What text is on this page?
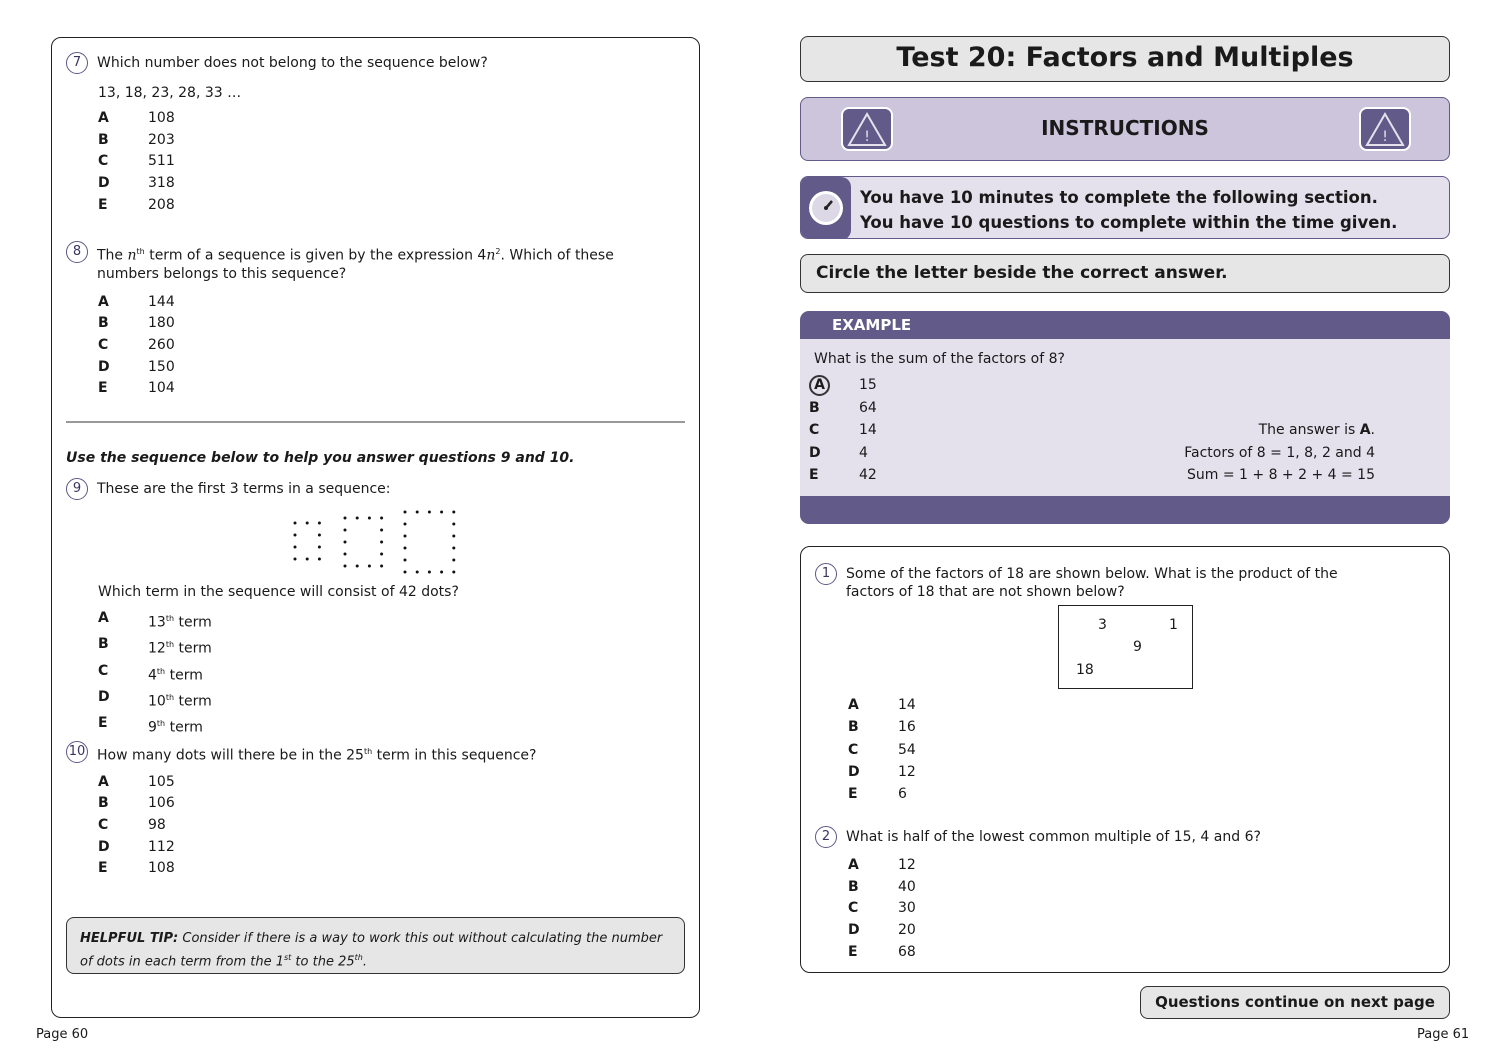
7	Which number does not belong to the sequence below?
13, 18, 23, 28, 33 …
A	108
B	203
C	511
D	318
E	208
8	The $n^{th}$ term of a sequence is given by the expression $4n^2$. Which of these numbers belongs to this sequence?
A	144
B	180
C	260
D	150
E	104
Use the sequence below to help you answer questions 9 and 10.
9	These are the first 3 terms in a sequence:
Which term in the sequence will consist of 42 dots?
A	13th term
B	12th term
C	4th term
D	10th term
E	9th term
10 How many dots will there be in the 25th term in this sequence?
A	105
B	106
C	98
D	112
E	108
HELPFUL TIP: Consider if there is a way to work this out without calculating the number of dots in each term from the 1st to the 25th.
Page 60
Test 20: Factors and Multiples
!	INSTRUCTIONS	!
You have 10 minutes to complete the following section.
You have 10 questions to complete within the time given.
Circle the letter beside the correct answer.
EXAMPLE
What is the sum of the factors of 8?
A	15
B	64
C	14
D	4
E	42
The answer is A.
Factors of 8 = 1, 8, 2 and 4
Sum = 1 + 8 + 2 + 4 = 15
1	Some of the factors of 18 are shown below. What is the product of the factors of 18 that are not shown below?
3	1
9
18
A	14
B	16
C	54
D	12
E	6
2	What is half of the lowest common multiple of 15, 4 and 6?
A	12
B	40
C	30
D	20
E	68
Questions continue on next page
Page 61
